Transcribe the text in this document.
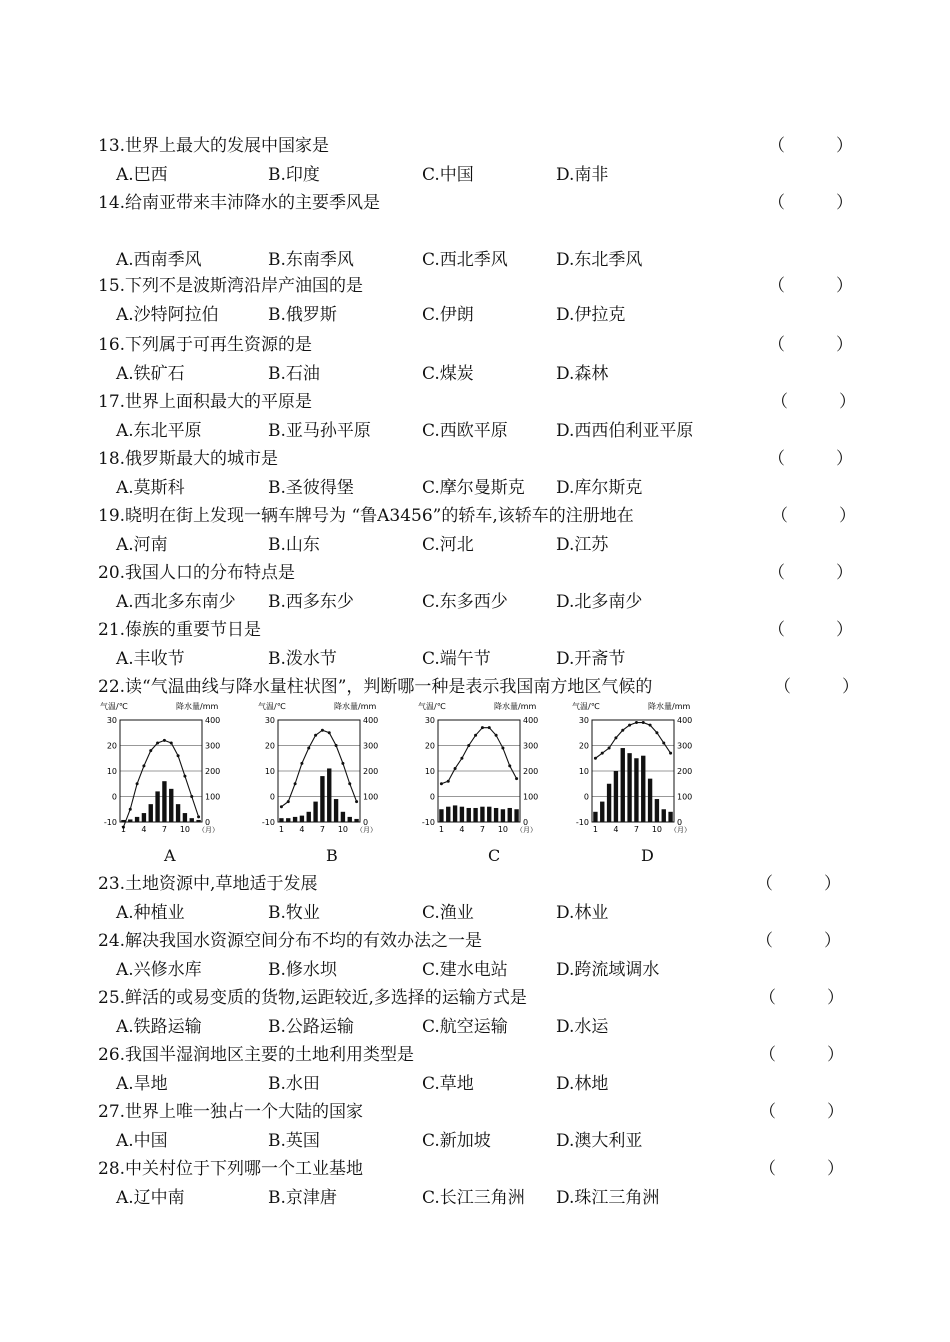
13.世界上最大的发展中国家是	（　　　）
A.巴西	B.印度	C.中国	D.南非
14.给南亚带来丰沛降水的主要季风是	（　　　）
A.西南季风	B.东南季风	C.西北季风	D.东北季风
15.下列不是波斯湾沿岸产油国的是	（　　　）
A.沙特阿拉伯	B.俄罗斯	C.伊朗	D.伊拉克
16.下列属于可再生资源的是	（　　　）
A.铁矿石	B.石油	C.煤炭	D.森林
17.世界上面积最大的平原是	（　　　）
A.东北平原	B.亚马孙平原	C.西欧平原	D.西西伯利亚平原
18.俄罗斯最大的城市是	（　　　）
A.莫斯科	B.圣彼得堡	C.摩尔曼斯克 D.库尔斯克
19.晓明在街上发现一辆车牌号为 “鲁A3456”的轿车,该轿车的注册地在	（　　　）
A.河南	B.山东	C.河北	D.江苏
20.我国人口的分布特点是	（　　　）
A.西北多东南少 B.西多东少	C.东多西少	D.北多南少
21.傣族的重要节日是	（　　　）
A.丰收节	B.泼水节	C.端午节	D.开斋节
22.读“气温曲线与降水量柱状图”，判断哪一种是表示我国南方地区气候的	（　　　）
23.土地资源中,草地适于发展	（　　　）
A.种植业	B.牧业	C.渔业	D.林业
24.解决我国水资源空间分布不均的有效办法之一是	（　　　）
A.兴修水库	B.修水坝	C.建水电站	D.跨流域调水
25.鲜活的或易变质的货物,运距较近,多选择的运输方式是	（　　　）
A.铁路运输	B.公路运输	C.航空运输	D.水运
26.我国半湿润地区主要的土地利用类型是	（　　　）
A.旱地	B.水田	C.草地	D.林地
27.世界上唯一独占一个大陆的国家	（　　　）
A.中国	B.英国	C.新加坡	D.澳大利亚
28.中关村位于下列哪一个工业基地	（　　　）
A.辽中南	B.京津唐	C.长江三角洲 D.珠江三角洲
气温/℃	降水量/mm
30
20
10
0
-10
400
300
200
100
0
1 4 7 10 （月）
气温/℃	降水量/mm
30
20
10
0
-10
400
300
200
100
0
1 4 7 10 （月）
气温/℃	降水量/mm
30
20
10
0
-10
400
300
200
100
0
1 4 7 10 （月）
气温/℃	降水量/mm
30
20
10
0
-10
400
300
200
100
0
1 4 7 10 （月）
A	B	C	D
